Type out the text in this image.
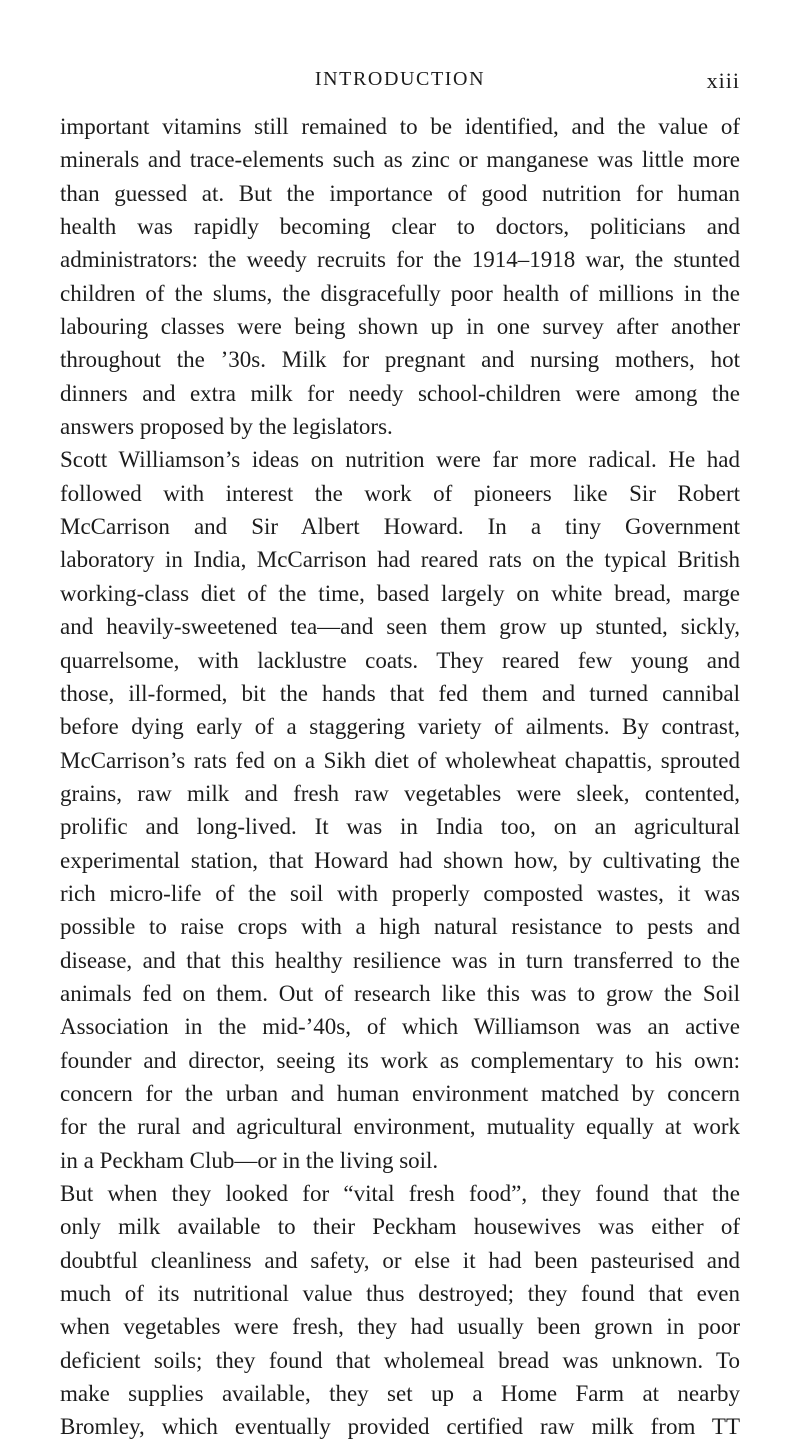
INTRODUCTION	xiii
important vitamins still remained to be identified, and the value of
minerals and trace-elements such as zinc or manganese was little more
than guessed at. But the importance of good nutrition for human
health was rapidly becoming clear to doctors, politicians and
administrators: the weedy recruits for the 1914–1918 war, the stunted
children of the slums, the disgracefully poor health of millions in the
labouring classes were being shown up in one survey after another
throughout the ’30s. Milk for pregnant and nursing mothers, hot
dinners and extra milk for needy school-children were among the
answers proposed by the legislators.
Scott Williamson’s ideas on nutrition were far more radical. He had
followed with interest the work of pioneers like Sir Robert
McCarrison and Sir Albert Howard. In a tiny Government
laboratory in India, McCarrison had reared rats on the typical British
working-class diet of the time, based largely on white bread, marge
and heavily-sweetened tea—and seen them grow up stunted, sickly,
quarrelsome, with lacklustre coats. They reared few young and
those, ill-formed, bit the hands that fed them and turned cannibal
before dying early of a staggering variety of ailments. By contrast,
McCarrison’s rats fed on a Sikh diet of wholewheat chapattis, sprouted
grains, raw milk and fresh raw vegetables were sleek, contented,
prolific and long-lived. It was in India too, on an agricultural
experimental station, that Howard had shown how, by cultivating the
rich micro-life of the soil with properly composted wastes, it was
possible to raise crops with a high natural resistance to pests and
disease, and that this healthy resilience was in turn transferred to the
animals fed on them. Out of research like this was to grow the Soil
Association in the mid-’40s, of which Williamson was an active
founder and director, seeing its work as complementary to his own:
concern for the urban and human environment matched by concern
for the rural and agricultural environment, mutuality equally at work
in a Peckham Club—or in the living soil.
But when they looked for “vital fresh food”, they found that the
only milk available to their Peckham housewives was either of
doubtful cleanliness and safety, or else it had been pasteurised and
much of its nutritional value thus destroyed; they found that even
when vegetables were fresh, they had usually been grown in poor
deficient soils; they found that wholemeal bread was unknown. To
make supplies available, they set up a Home Farm at nearby
Bromley, which eventually provided certified raw milk from TT
